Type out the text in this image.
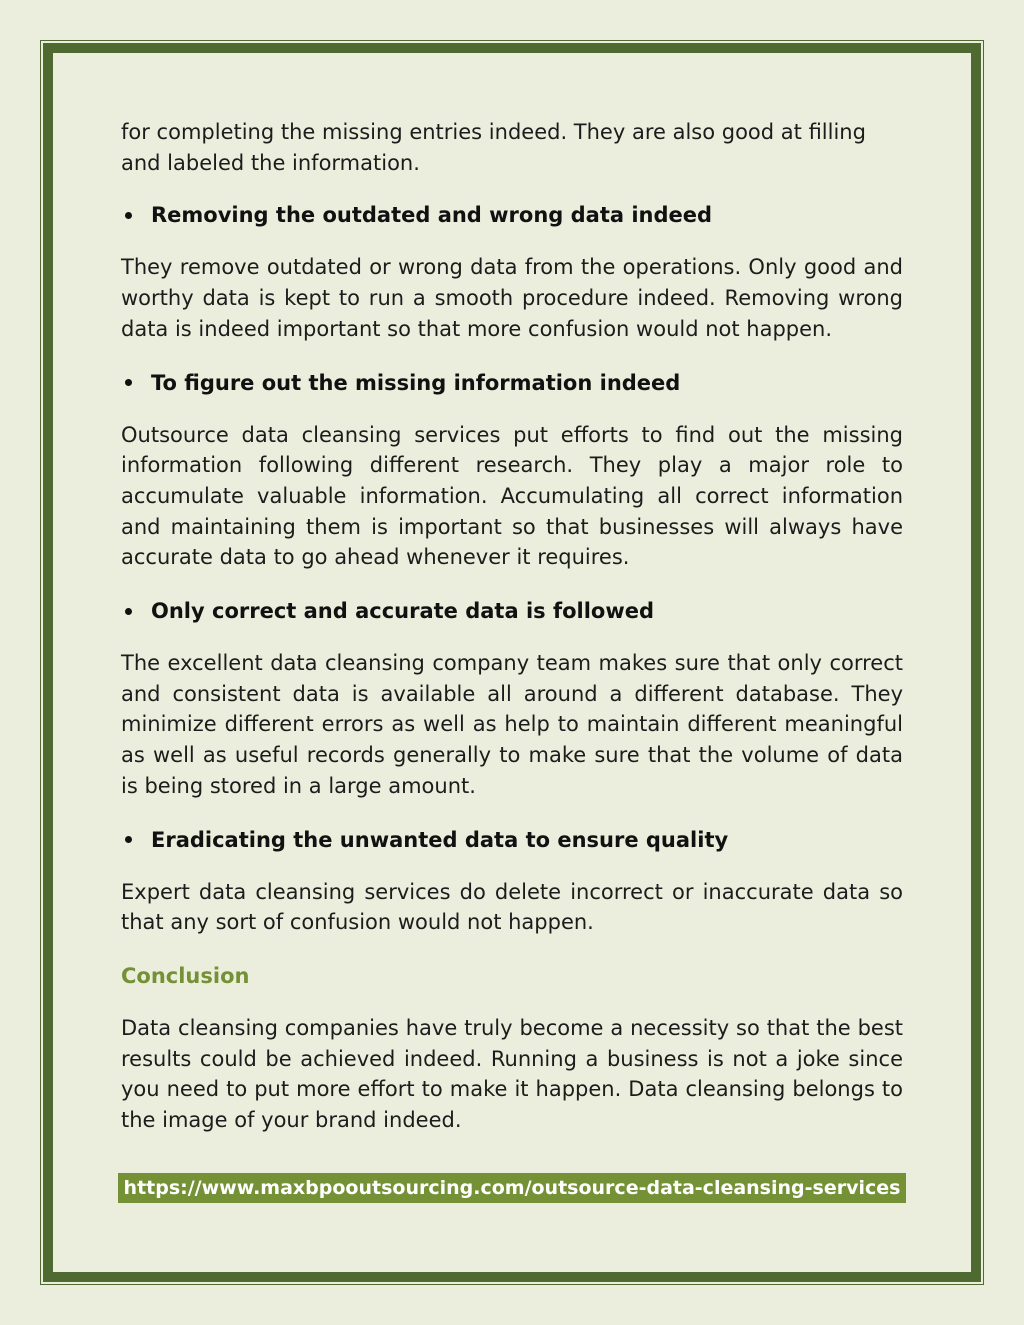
for completing the missing entries indeed. They are also good at filling and labeled the information.

Removing the outdated and wrong data indeed

They remove outdated or wrong data from the operations. Only good and worthy data is kept to run a smooth procedure indeed. Removing wrong data is indeed important so that more confusion would not happen.

To figure out the missing information indeed

Outsource data cleansing services put efforts to find out the missing information following different research. They play a major role to accumulate valuable information. Accumulating all correct information and maintaining them is important so that businesses will always have accurate data to go ahead whenever it requires.

Only correct and accurate data is followed

The excellent data cleansing company team makes sure that only correct and consistent data is available all around a different database. They minimize different errors as well as help to maintain different meaningful as well as useful records generally to make sure that the volume of data is being stored in a large amount.

Eradicating the unwanted data to ensure quality

Expert data cleansing services do delete incorrect or inaccurate data so that any sort of confusion would not happen.

Conclusion

Data cleansing companies have truly become a necessity so that the best results could be achieved indeed. Running a business is not a joke since you need to put more effort to make it happen. Data cleansing belongs to the image of your brand indeed.

https://www.maxbpooutsourcing.com/outsource-data-cleansing-services
